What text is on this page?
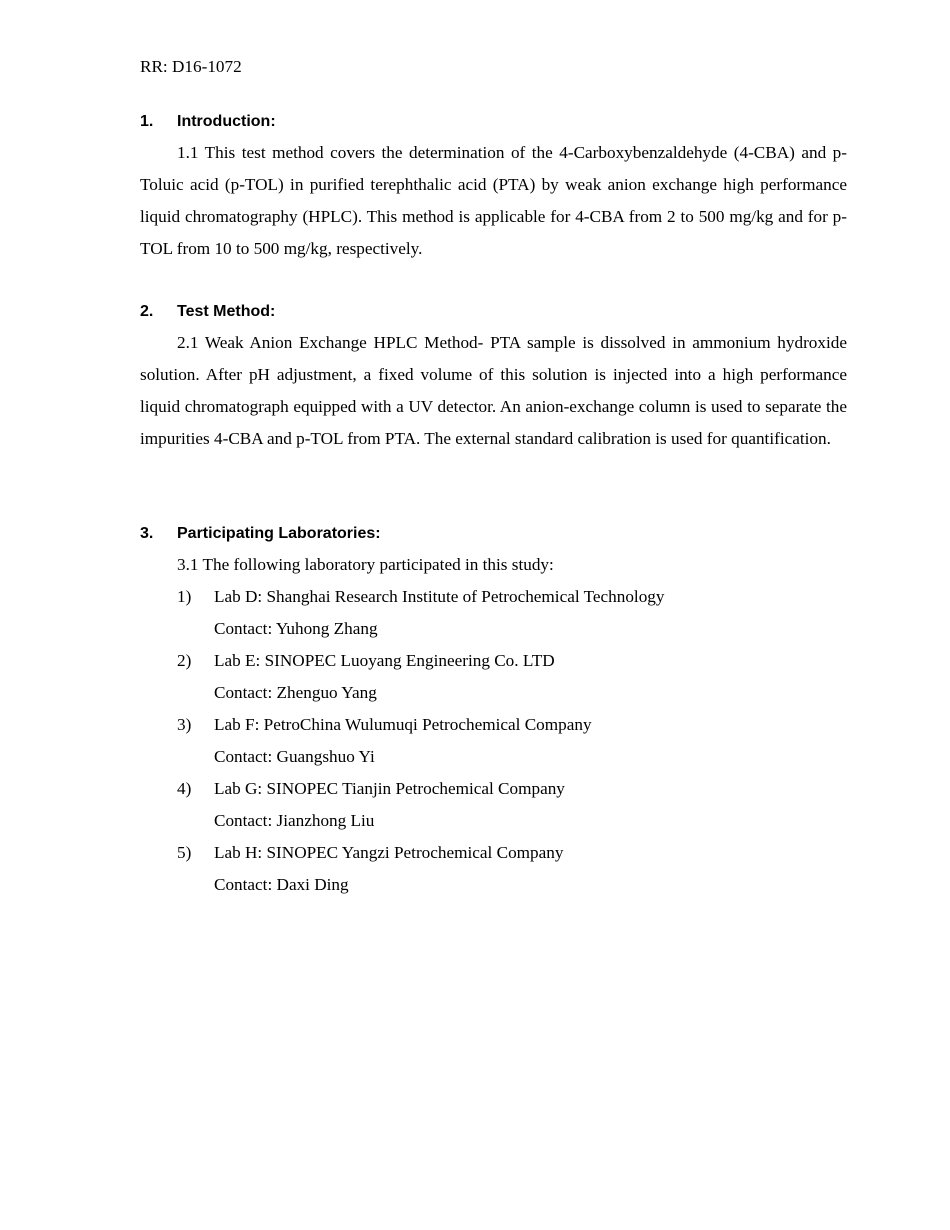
RR: D16-1072
1. Introduction:
1.1 This test method covers the determination of the 4-Carboxybenzaldehyde (4-CBA) and p-Toluic acid (p-TOL) in purified terephthalic acid (PTA) by weak anion exchange high performance liquid chromatography (HPLC). This method is applicable for 4-CBA from 2 to 500 mg/kg and for p-TOL from 10 to 500 mg/kg, respectively.
2. Test Method:
2.1 Weak Anion Exchange HPLC Method- PTA sample is dissolved in ammonium hydroxide solution. After pH adjustment, a fixed volume of this solution is injected into a high performance liquid chromatograph equipped with a UV detector. An anion-exchange column is used to separate the impurities 4-CBA and p-TOL from PTA. The external standard calibration is used for quantification.
3. Participating Laboratories:
3.1 The following laboratory participated in this study:
1) Lab D: Shanghai Research Institute of Petrochemical Technology
Contact: Yuhong Zhang
2) Lab E: SINOPEC Luoyang Engineering Co. LTD
Contact: Zhenguo Yang
3) Lab F: PetroChina Wulumuqi Petrochemical Company
Contact: Guangshuo Yi
4) Lab G: SINOPEC Tianjin Petrochemical Company
Contact: Jianzhong Liu
5) Lab H: SINOPEC Yangzi Petrochemical Company
Contact: Daxi Ding
